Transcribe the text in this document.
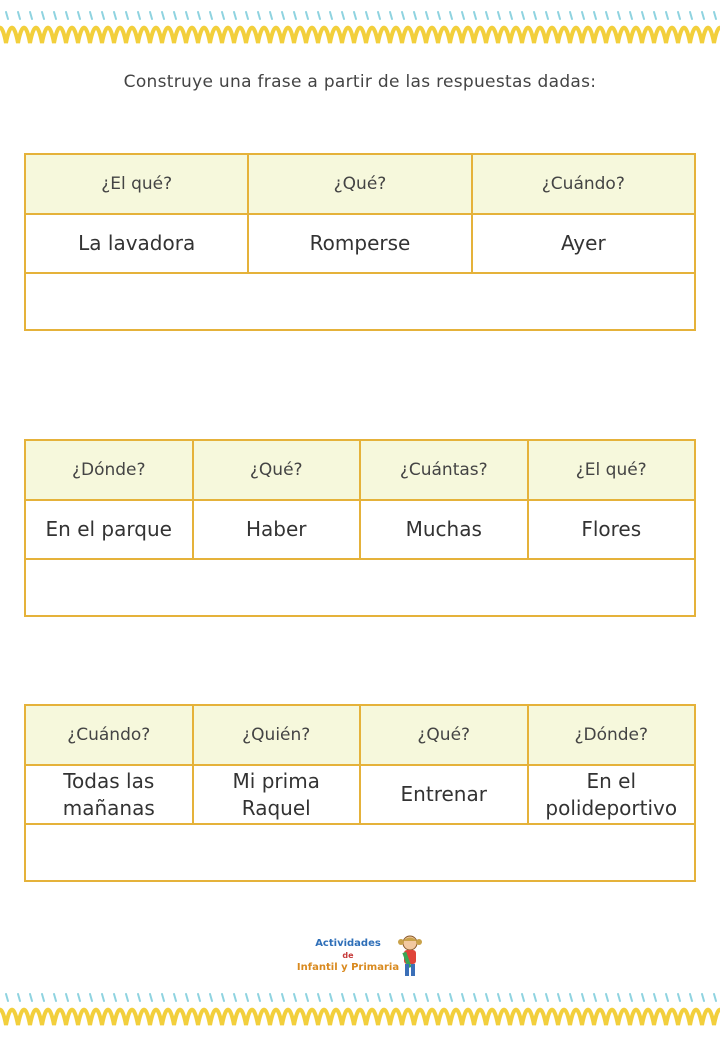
Construye una frase a partir de las respuestas dadas:
¿El qué?	¿Qué?	¿Cuándo?
La lavadora	Romperse	Ayer

¿Dónde?	¿Qué?	¿Cuántas?	¿El qué?
En el parque	Haber	Muchas	Flores

¿Cuándo?	¿Quién?	¿Qué?	¿Dónde?
Todas las mañanas	Mi prima Raquel	Entrenar	En el polideportivo

Actividades
de
Infantil y Primaria
